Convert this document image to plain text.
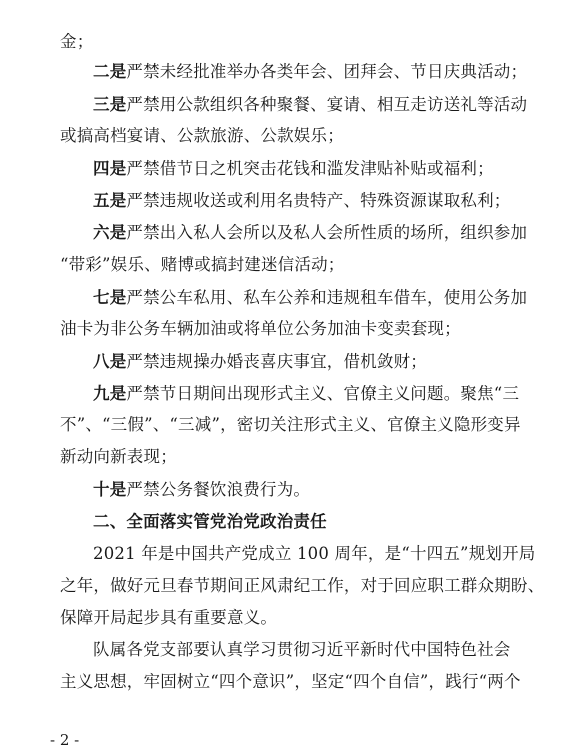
金；
二是严禁未经批准举办各类年会、团拜会、节日庆典活动；
三是严禁用公款组织各种聚餐、宴请、相互走访送礼等活动
或搞高档宴请、公款旅游、公款娱乐；
四是严禁借节日之机突击花钱和滥发津贴补贴或福利；
五是严禁违规收送或利用名贵特产、特殊资源谋取私利；
六是严禁出入私人会所以及私人会所性质的场所，组织参加
“带彩”娱乐、赌博或搞封建迷信活动；
七是严禁公车私用、私车公养和违规租车借车，使用公务加
油卡为非公务车辆加油或将单位公务加油卡变卖套现；
八是严禁违规操办婚丧喜庆事宜，借机敛财；
九是严禁节日期间出现形式主义、官僚主义问题。聚焦“三
不”、“三假”、“三减”，密切关注形式主义、官僚主义隐形变异
新动向新表现；
十是严禁公务餐饮浪费行为。
二、全面落实管党治党政治责任
2021 年是中国共产党成立 100 周年，是“十四五”规划开局
之年，做好元旦春节期间正风肃纪工作，对于回应职工群众期盼、
保障开局起步具有重要意义。
队属各党支部要认真学习贯彻习近平新时代中国特色社会
主义思想，牢固树立“四个意识”，坚定“四个自信”，践行“两个
- 2 -
